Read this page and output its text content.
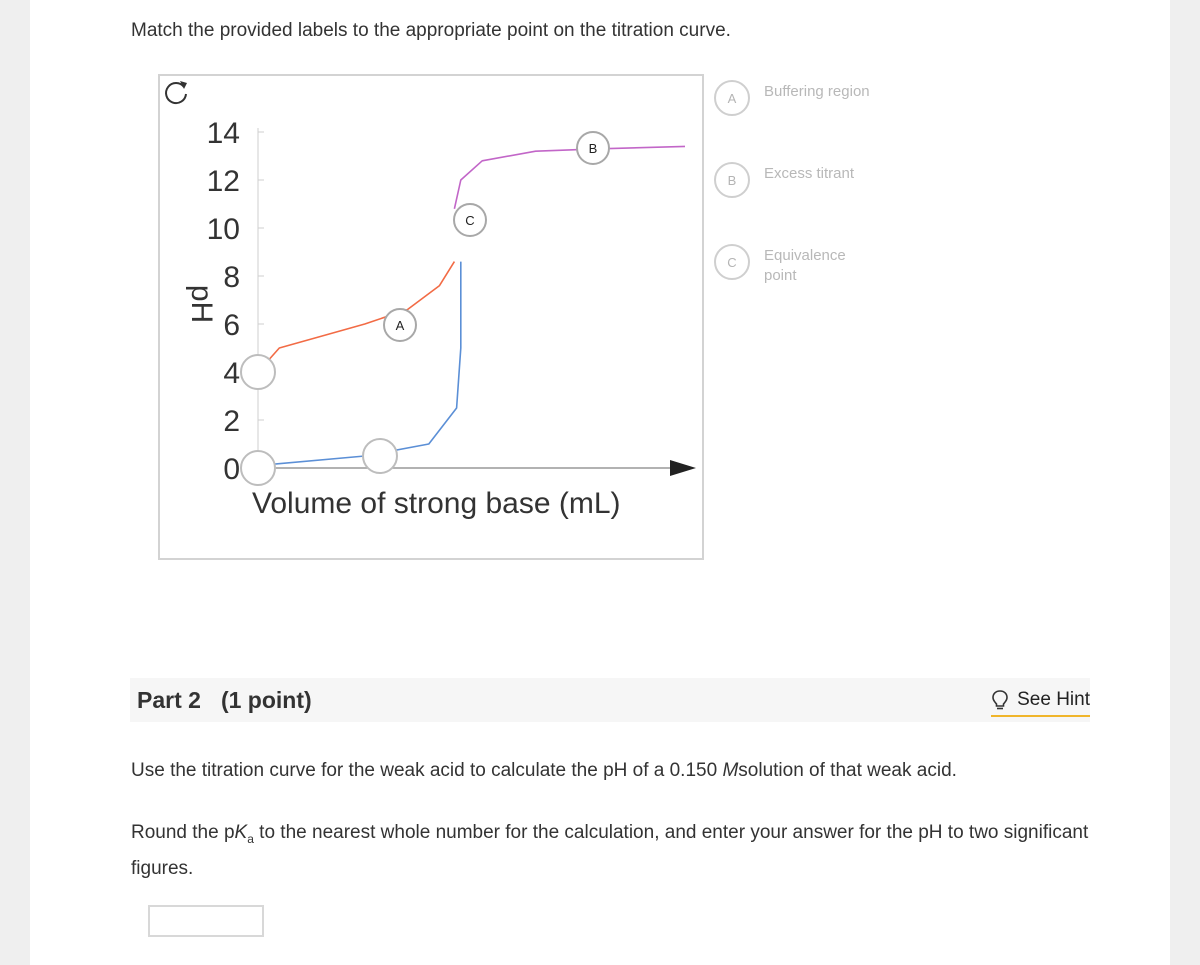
Match the provided labels to the appropriate point on the titration curve.
pH
Volume of strong base (mL)
14
12
10
8
6
4
2
0
A
B
C
A	Buffering region
B	Excess titrant
C	Equivalence point
Part 2 (1 point)	See Hint
Use the titration curve for the weak acid to calculate the pH of a 0.150 Msolution of that weak acid.
Round the $pK_a$ to the nearest whole number for the calculation, and enter your answer for the pH to two significant figures.
